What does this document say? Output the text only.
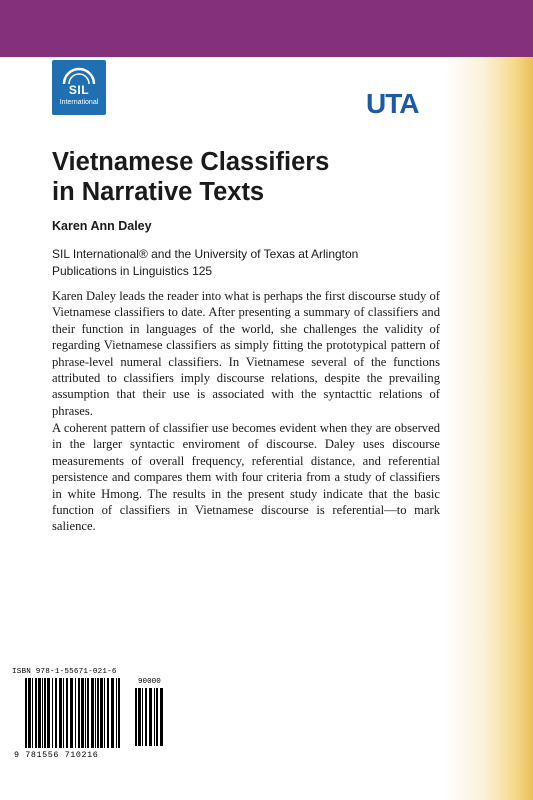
SIL
International	UTA
Vietnamese Classifiers
in Narrative Texts
Karen Ann Daley
SIL International® and the University of Texas at Arlington
Publications in Linguistics 125

Karen Daley leads the reader into what is perhaps the first discourse study of Vietnamese classifiers to date. After presenting a summary of classifiers and their function in languages of the world, she challenges the validity of regarding Vietnamese classifiers as simply fitting the prototypical pattern of phrase-level numeral classifiers. In Vietnamese several of the functions attributed to classifiers imply discourse relations, despite the prevailing assumption that their use is associated with the syntacttic relations of phrases.

A coherent pattern of classifier use becomes evident when they are observed in the larger syntactic enviroment of discourse. Daley uses discourse measurements of overall frequency, referential distance, and referential persistence and compares them with four criteria from a study of classifiers in white Hmong. The results in the present study indicate that the basic function of classifiers in Vietnamese discourse is referential—to mark salience.

ISBN 978-1-55671-021-6
90000
9 781556 710216
